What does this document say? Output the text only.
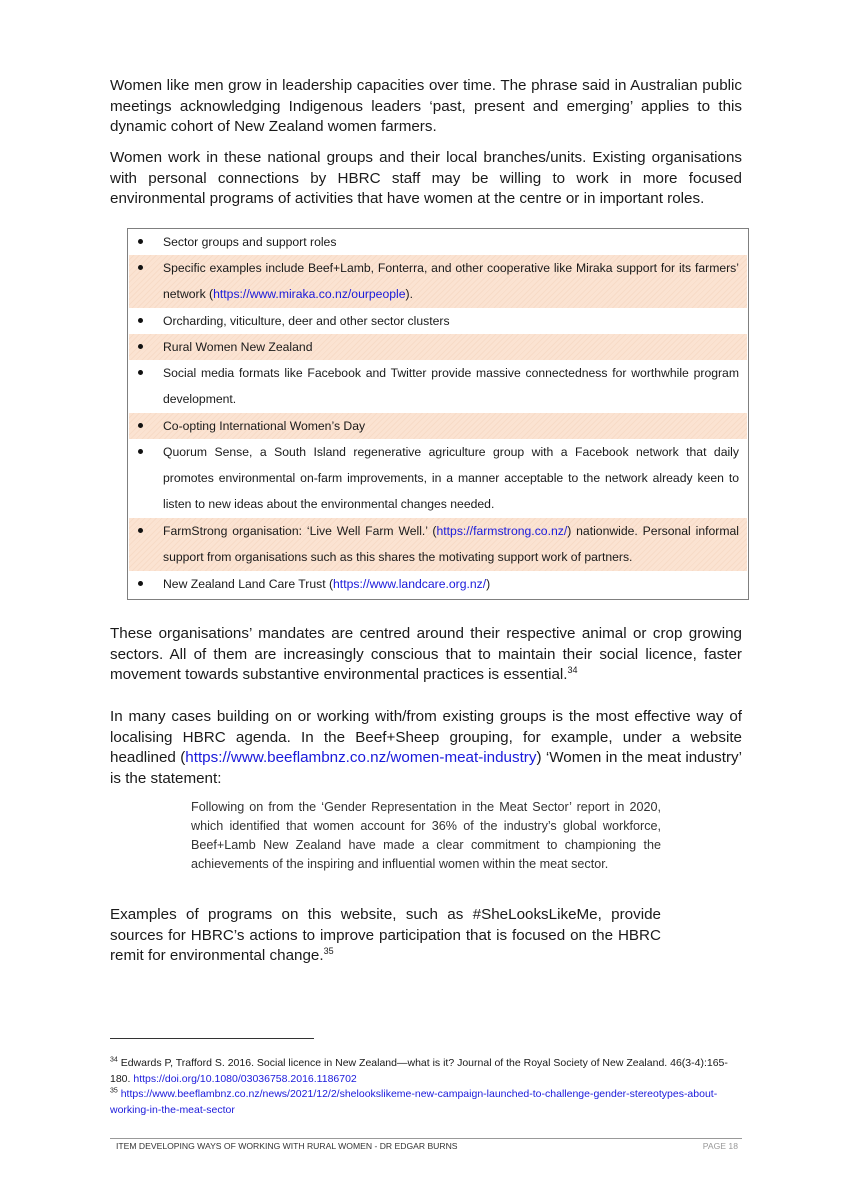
Women like men grow in leadership capacities over time. The phrase said in Australian public meetings acknowledging Indigenous leaders ‘past, present and emerging’ applies to this dynamic cohort of New Zealand women farmers.

Women work in these national groups and their local branches/units. Existing organisations with personal connections by HBRC staff may be willing to work in more focused environmental programs of activities that have women at the centre or in important roles.

Sector groups and support roles
Specific examples include Beef+Lamb, Fonterra, and other cooperative like Miraka support for its farmers’ network (https://www.miraka.co.nz/ourpeople).
Orcharding, viticulture, deer and other sector clusters
Rural Women New Zealand
Social media formats like Facebook and Twitter provide massive connectedness for worthwhile program development.
Co-opting International Women’s Day
Quorum Sense, a South Island regenerative agriculture group with a Facebook network that daily promotes environmental on-farm improvements, in a manner acceptable to the network already keen to listen to new ideas about the environmental changes needed.
FarmStrong organisation: ‘Live Well Farm Well.’ (https://farmstrong.co.nz/) nationwide. Personal informal support from organisations such as this shares the motivating support work of partners.
New Zealand Land Care Trust (https://www.landcare.org.nz/)

These organisations’ mandates are centred around their respective animal or crop growing sectors. All of them are increasingly conscious that to maintain their social licence, faster movement towards substantive environmental practices is essential.$^{34}$

In many cases building on or working with/from existing groups is the most effective way of localising HBRC agenda. In the Beef+Sheep grouping, for example, under a website headlined (https://www.beeflambnz.co.nz/women-meat-industry) ‘Women in the meat industry’ is the statement:

Following on from the ‘Gender Representation in the Meat Sector’ report in 2020, which identified that women account for 36% of the industry’s global workforce, Beef+Lamb New Zealand have made a clear commitment to championing the achievements of the inspiring and influential women within the meat sector.

Examples of programs on this website, such as #SheLooksLikeMe, provide sources for HBRC’s actions to improve participation that is focused on the HBRC remit for environmental change.$^{35}$

$^{34}$ Edwards P, Trafford S. 2016. Social licence in New Zealand—what is it? Journal of the Royal Society of New Zealand. 46(3-4):165-180. https://doi.org/10.1080/03036758.2016.1186702

$^{35}$ https://www.beeflambnz.co.nz/news/2021/12/2/shelookslikeme-new-campaign-launched-to-challenge-gender-stereotypes-about-working-in-the-meat-sector

ITEM DEVELOPING WAYS OF WORKING WITH RURAL WOMEN - DR EDGAR BURNS	PAGE 18
